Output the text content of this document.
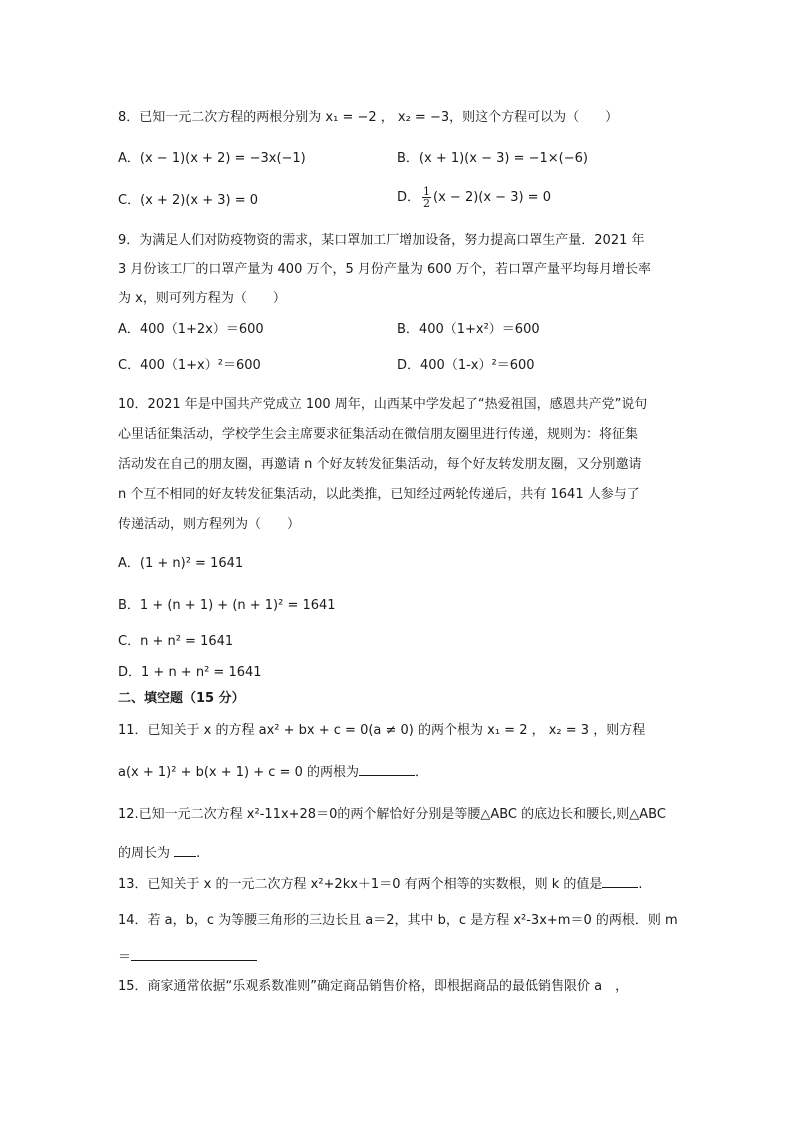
8．已知一元二次方程的两根分别为 x₁ = −2 ， x₂ = −3，则这个方程可以为（　　）
A．(x − 1)(x + 2) = −3x(−1)	B．(x + 1)(x − 3) = −1×(−6)
C．(x + 2)(x + 3) = 0	D． $\frac{1}{2} (x - 2)(x - 3) = 0$
9．为满足人们对防疫物资的需求，某口罩加工厂增加设备，努力提高口罩生产量．2021 年
3 月份该工厂的口罩产量为 400 万个，5 月份产量为 600 万个，若口罩产量平均每月增长率
为 x，则可列方程为（　　）
A．400（1+2x）＝600	B．400（1+x²）＝600
C．400（1+x）²＝600	D．400（1-x）²＝600
10．2021 年是中国共产党成立 100 周年，山西某中学发起了“热爱祖国，感恩共产党”说句
心里话征集活动，学校学生会主席要求征集活动在微信朋友圈里进行传递，规则为：将征集
活动发在自己的朋友圈，再邀请 n 个好友转发征集活动，每个好友转发朋友圈，又分别邀请
n 个互不相同的好友转发征集活动，以此类推，已知经过两轮传递后，共有 1641 人参与了
传递活动，则方程列为（　　）
A．(1 + n)² = 1641
B．1 + (n + 1) + (n + 1)² = 1641
C．n + n² = 1641
D．1 + n + n² = 1641
二、填空题（15 分）
11．已知关于 x 的方程 ax² + bx + c = 0(a ≠ 0) 的两个根为 x₁ = 2 ， x₂ = 3 ，则方程
a(x + 1)² + b(x + 1) + c = 0 的两根为	．
12.已知一元二次方程 x²-11x+28＝0的两个解恰好分别是等腰△ABC 的底边长和腰长,则△ABC
的周长为 .
13．已知关于 x 的一元二次方程 x²+2kx＋1＝0 有两个相等的实数根，则 k 的值是	.
14．若 a，b，c 为等腰三角形的三边长且 a＝2，其中 b，c 是方程 x²-3x+m＝0 的两根．则 m
＝
15．商家通常依据“乐观系数准则”确定商品销售价格，即根据商品的最低销售限价 a　，
